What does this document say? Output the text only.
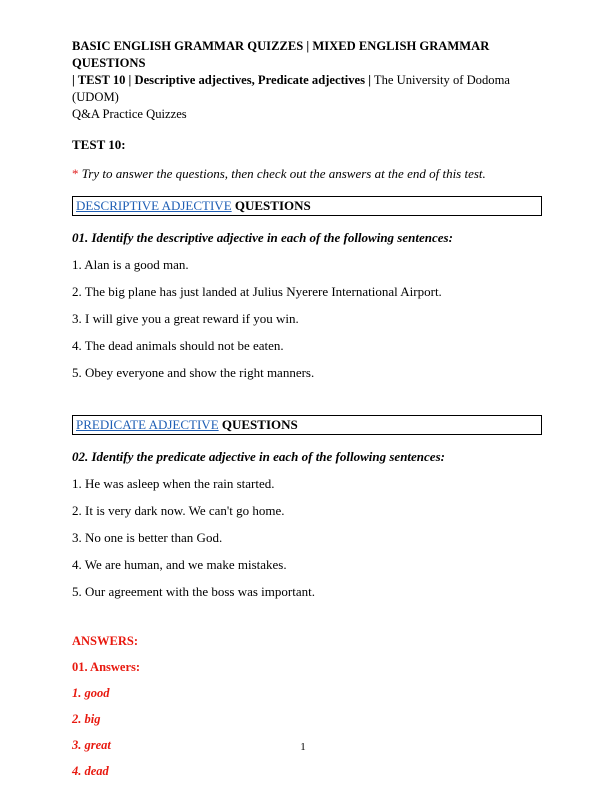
BASIC ENGLISH GRAMMAR QUIZZES | MIXED ENGLISH GRAMMAR QUESTIONS
| TEST 10 | Descriptive adjectives, Predicate adjectives | The University of Dodoma (UDOM)
Q&A Practice Quizzes
TEST 10:
* Try to answer the questions, then check out the answers at the end of this test.
DESCRIPTIVE ADJECTIVE QUESTIONS
01. Identify the descriptive adjective in each of the following sentences:
1. Alan is a good man.
2. The big plane has just landed at Julius Nyerere International Airport.
3. I will give you a great reward if you win.
4. The dead animals should not be eaten.
5. Obey everyone and show the right manners.
PREDICATE ADJECTIVE QUESTIONS
02. Identify the predicate adjective in each of the following sentences:
1. He was asleep when the rain started.
2. It is very dark now. We can't go home.
3. No one is better than God.
4. We are human, and we make mistakes.
5. Our agreement with the boss was important.
ANSWERS:
01. Answers:
1. good
2. big
3. great
4. dead
1
